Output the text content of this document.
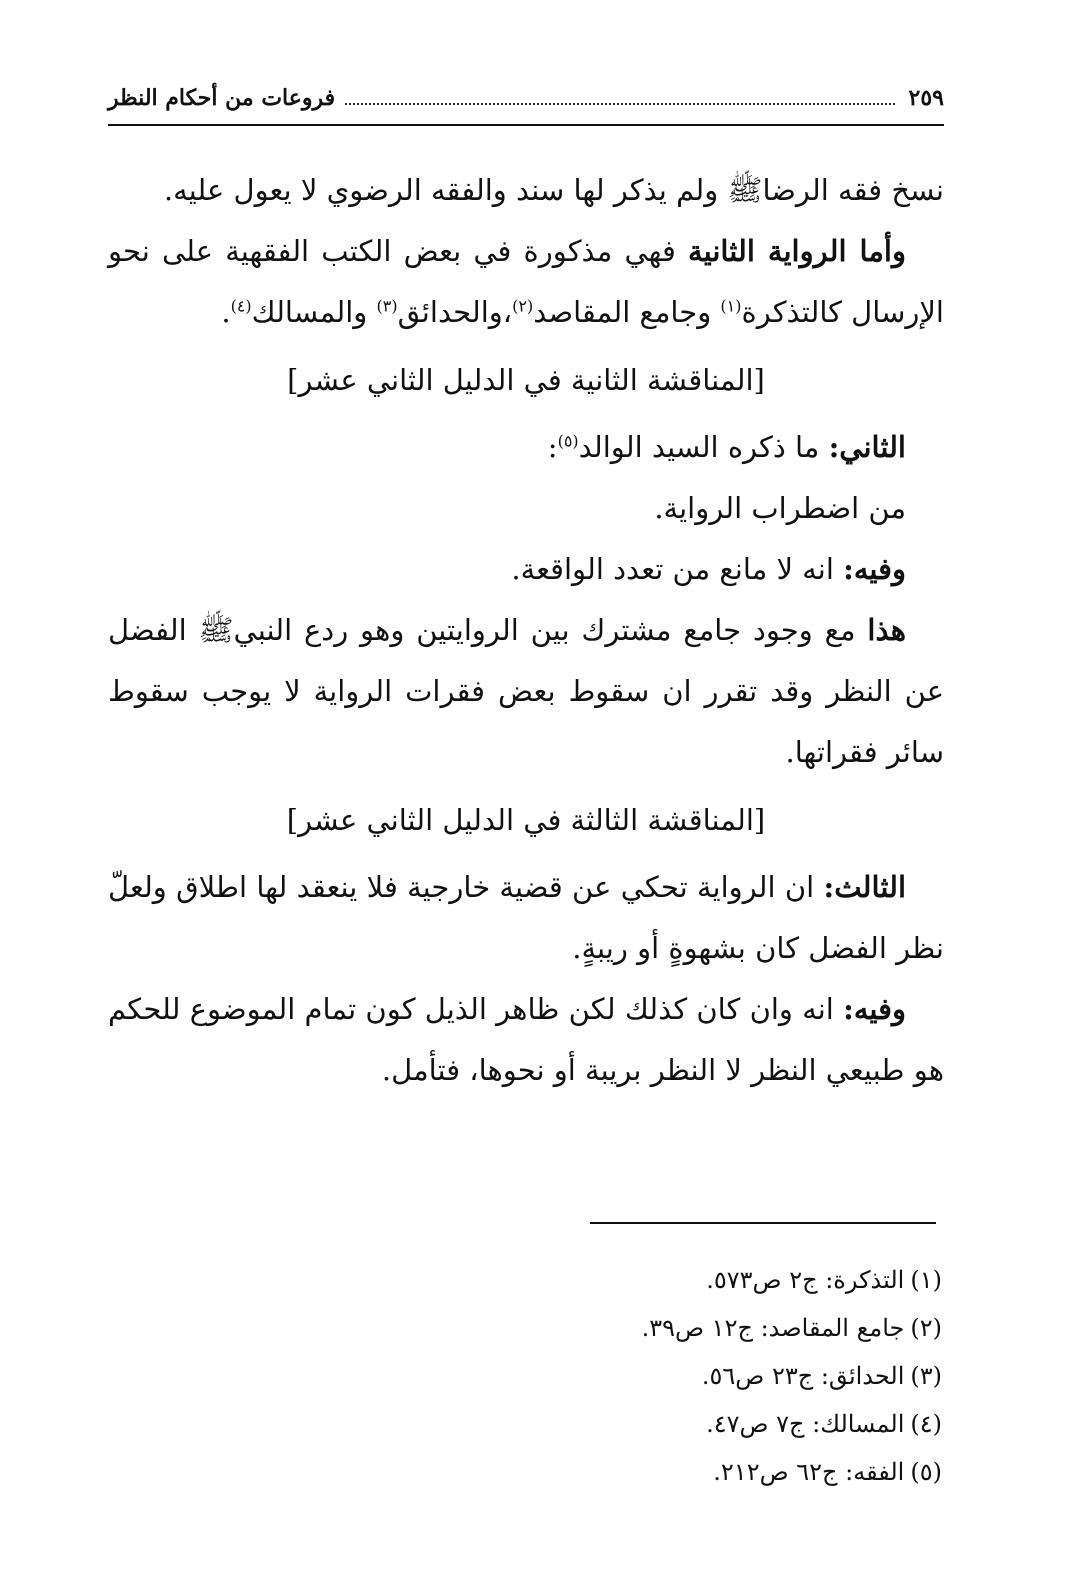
٢٥٩
فروعات من أحكام النظر

نسخ فقه الرضاﷺ ولم يذكر لها سند والفقه الرضوي لا يعول عليه.

وأما الرواية الثانية فهي مذكورة في بعض الكتب الفقهية على نحو الإرسال كالتذكرة$^{(١)}$ وجامع المقاصد$^{(٢)}$،والحدائق$^{(٣)}$ والمسالك$^{(٤)}$.

[المناقشة الثانية في الدليل الثاني عشر]

الثاني: ما ذكره السيد الوالد$^{(٥)}$:

من اضطراب الرواية.

وفيه: انه لا مانع من تعدد الواقعة.

هذا مع وجود جامع مشترك بين الروايتين وهو ردع النبيﷺ الفضل عن النظر وقد تقرر ان سقوط بعض فقرات الرواية لا يوجب سقوط سائر فقراتها.

[المناقشة الثالثة في الدليل الثاني عشر]

الثالث: ان الرواية تحكي عن قضية خارجية فلا ينعقد لها اطلاق ولعلّ نظر الفضل كان بشهوةٍ أو ريبةٍ.

وفيه: انه وان كان كذلك لكن ظاهر الذيل كون تمام الموضوع للحكم هو طبيعي النظر لا النظر بريبة أو نحوها، فتأمل.

(١)التذكرة: ج٢ ص٥٧٣.

(٢)جامع المقاصد: ج١٢ ص٣٩.

(٣)الحدائق: ج٢٣ ص٥٦.

(٤)المسالك: ج٧ ص٤٧.

(٥)الفقه: ج٦٢ ص٢١٢.
